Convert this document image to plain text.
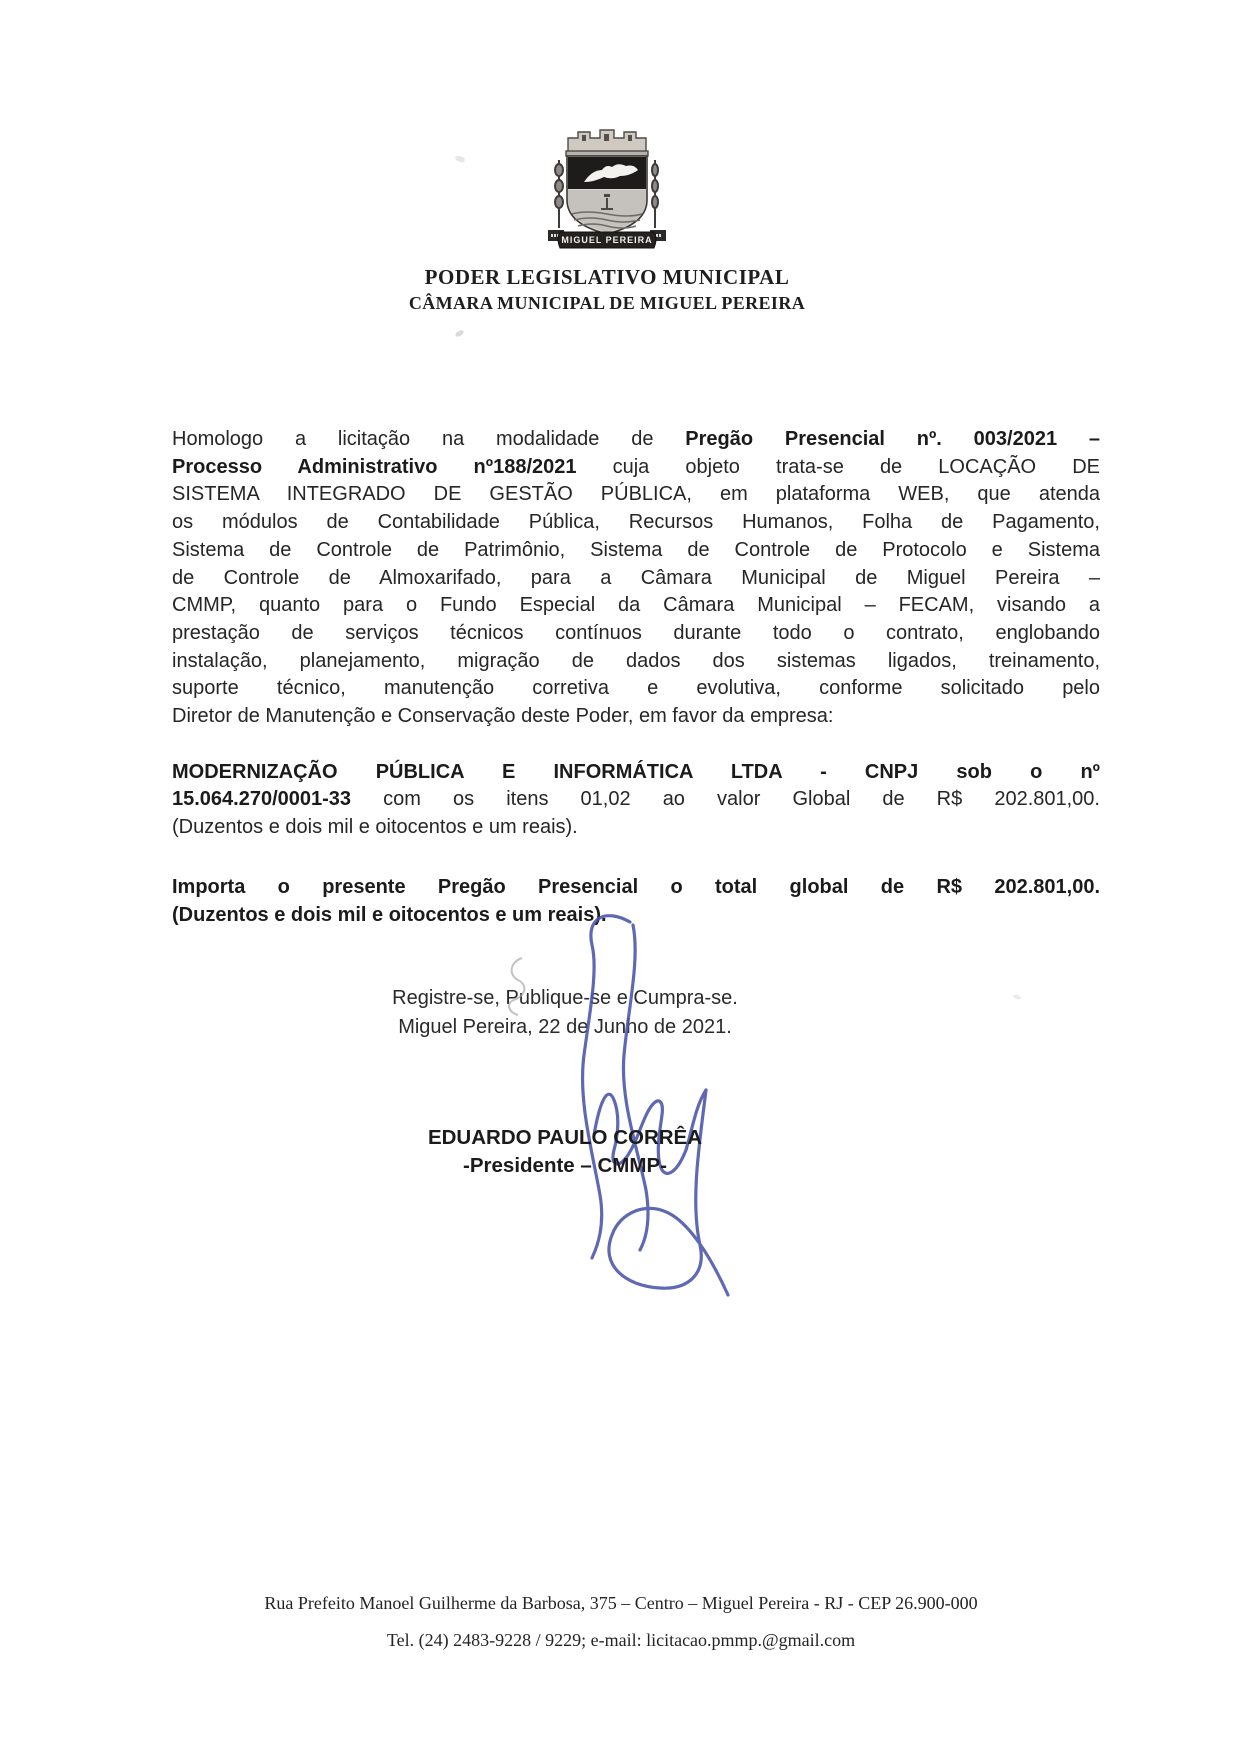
MIGUEL PEREIRA
PODER LEGISLATIVO MUNICIPAL
CÂMARA MUNICIPAL DE MIGUEL PEREIRA
Homologo a licitação na modalidade de Pregão Presencial nº. 003/2021 –
Processo Administrativo nº188/2021 cuja objeto trata-se de LOCAÇÃO DE
SISTEMA INTEGRADO DE GESTÃO PÚBLICA, em plataforma WEB, que atenda
os módulos de Contabilidade Pública, Recursos Humanos, Folha de Pagamento,
Sistema de Controle de Patrimônio, Sistema de Controle de Protocolo e Sistema
de Controle de Almoxarifado, para a Câmara Municipal de Miguel Pereira –
CMMP, quanto para o Fundo Especial da Câmara Municipal – FECAM, visando a
prestação de serviços técnicos contínuos durante todo o contrato, englobando
instalação, planejamento, migração de dados dos sistemas ligados, treinamento,
suporte técnico, manutenção corretiva e evolutiva, conforme solicitado pelo
Diretor de Manutenção e Conservação deste Poder, em favor da empresa:
MODERNIZAÇÃO PÚBLICA E INFORMÁTICA LTDA - CNPJ sob o nº
15.064.270/0001-33 com os itens 01,02 ao valor Global de R$ 202.801,00.
(Duzentos e dois mil e oitocentos e um reais).
Importa o presente Pregão Presencial o total global de R$ 202.801,00.
(Duzentos e dois mil e oitocentos e um reais).
Registre-se, Publique-se e Cumpra-se.
Miguel Pereira, 22 de Junho de 2021.
EDUARDO PAULO CORRÊA
-Presidente – CMMP-
Rua Prefeito Manoel Guilherme da Barbosa, 375 – Centro – Miguel Pereira - RJ - CEP 26.900-000
Tel. (24) 2483-9228 / 9229; e-mail: licitacao.pmmp.@gmail.com
